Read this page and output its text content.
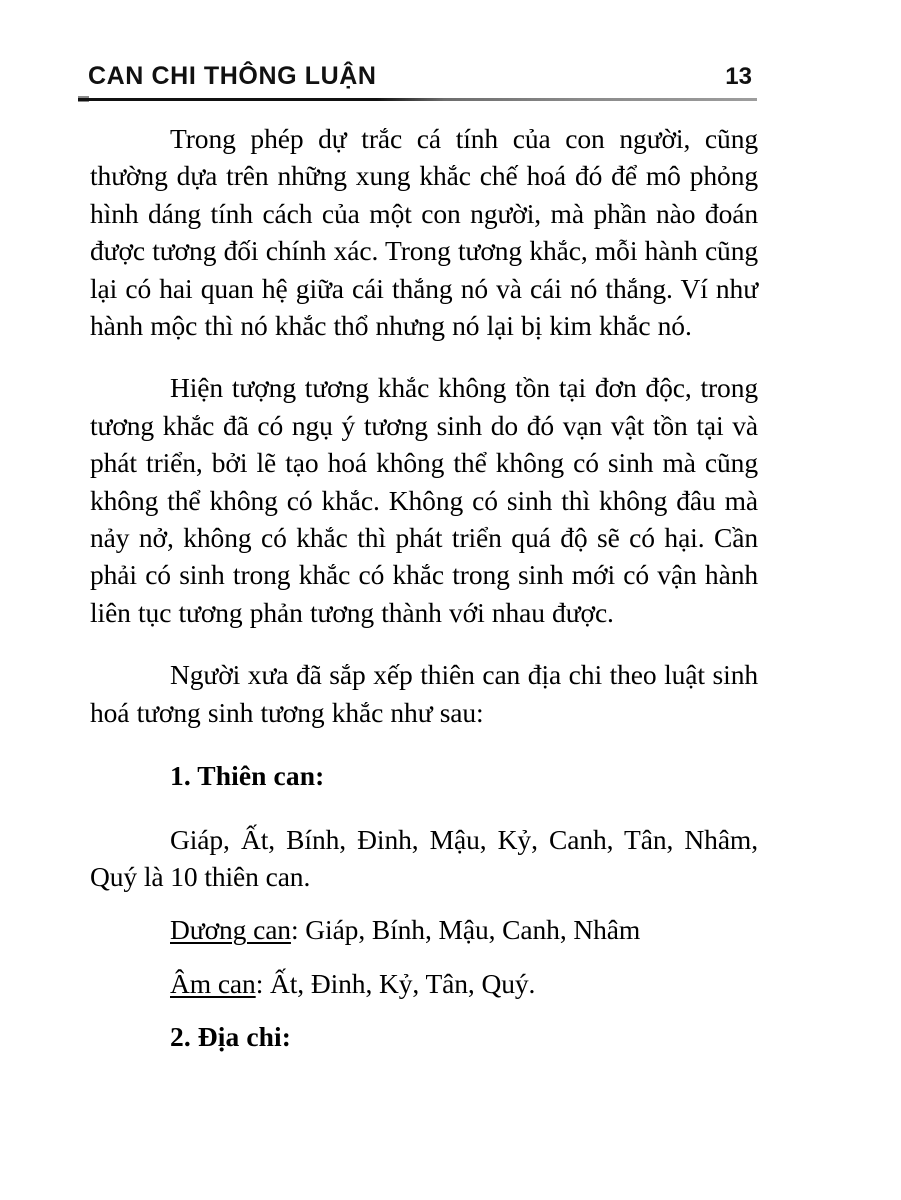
CAN CHI THÔNG LUẬN	13

Trong phép dự trắc cá tính của con người, cũng thường dựa trên những xung khắc chế hoá đó để mô phỏng hình dáng tính cách của một con người, mà phần nào đoán được tương đối chính xác. Trong tương khắc, mỗi hành cũng lại có hai quan hệ giữa cái thắng nó và cái nó thắng. Ví như hành mộc thì nó khắc thổ nhưng nó lại bị kim khắc nó.

Hiện tượng tương khắc không tồn tại đơn độc, trong tương khắc đã có ngụ ý tương sinh do đó vạn vật tồn tại và phát triển, bởi lẽ tạo hoá không thể không có sinh mà cũng không thể không có khắc. Không có sinh thì không đâu mà nảy nở, không có khắc thì phát triển quá độ sẽ có hại. Cần phải có sinh trong khắc có khắc trong sinh mới có vận hành liên tục tương phản tương thành với nhau được.

Người xưa đã sắp xếp thiên can địa chi theo luật sinh hoá tương sinh tương khắc như sau:

1. Thiên can:

Giáp, Ất, Bính, Đinh, Mậu, Kỷ, Canh, Tân, Nhâm, Quý là 10 thiên can.

Dương can: Giáp, Bính, Mậu, Canh, Nhâm

Âm can: Ất, Đinh, Kỷ, Tân, Quý.

2. Địa chi:
